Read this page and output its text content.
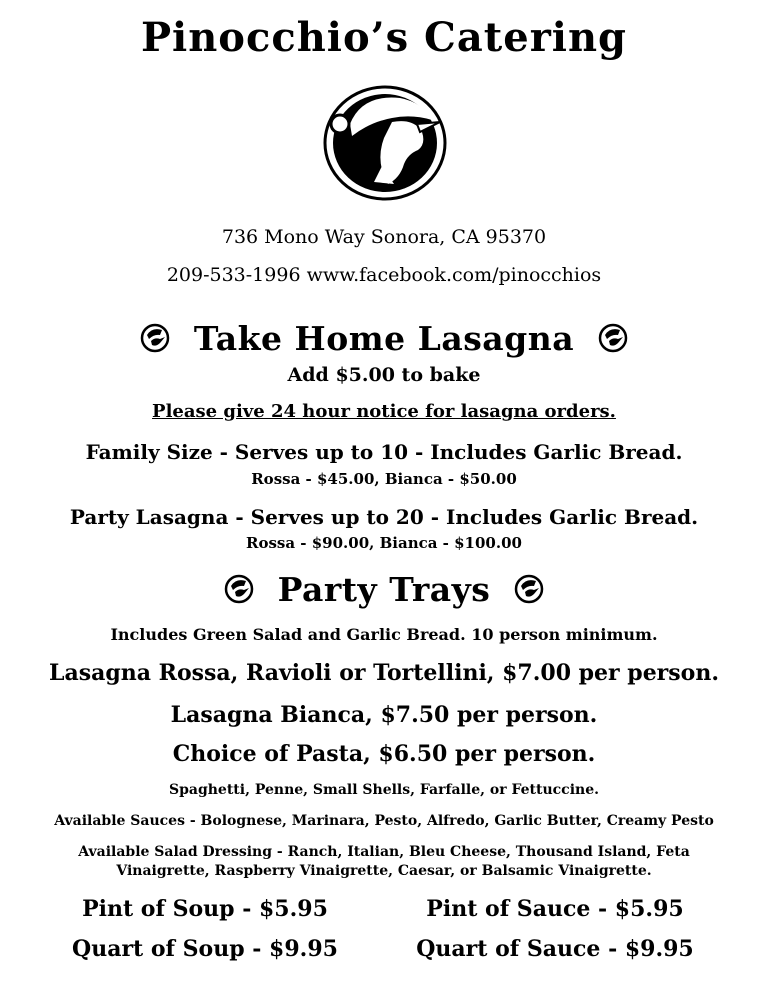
Pinocchio’s Catering
736 Mono Way Sonora, CA 95370
209-533-1996 www.facebook.com/pinocchios
Take Home Lasagna
Add $5.00 to bake
Please give 24 hour notice for lasagna orders.
Family Size - Serves up to 10 - Includes Garlic Bread.
Rossa - $45.00, Bianca - $50.00
Party Lasagna - Serves up to 20 - Includes Garlic Bread.
Rossa - $90.00, Bianca - $100.00
Party Trays
Includes Green Salad and Garlic Bread. 10 person minimum.
Lasagna Rossa, Ravioli or Tortellini, $7.00 per person.
Lasagna Bianca, $7.50 per person.
Choice of Pasta, $6.50 per person.
Spaghetti, Penne, Small Shells, Farfalle, or Fettuccine.
Available Sauces - Bolognese, Marinara, Pesto, Alfredo, Garlic Butter, Creamy Pesto
Available Salad Dressing - Ranch, Italian, Bleu Cheese, Thousand Island, Feta
Vinaigrette, Raspberry Vinaigrette, Caesar, or Balsamic Vinaigrette.
Pint of Soup - $5.95	Pint of Sauce - $5.95
Quart of Soup - $9.95	Quart of Sauce - $9.95
